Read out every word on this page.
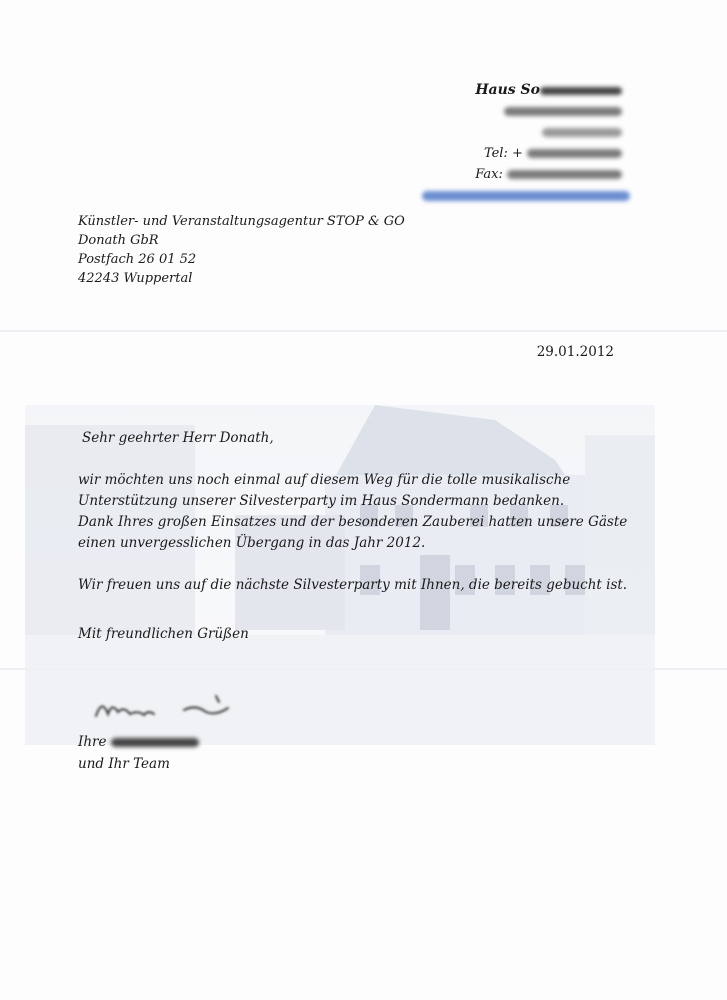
Haus So
Tel: +
Fax:
Künstler- und Veranstaltungsagentur STOP & GO
Donath GbR
Postfach 26 01 52
42243 Wuppertal
29.01.2012

Sehr geehrter Herr Donath,

wir möchten uns noch einmal auf diesem Weg für die tolle musikalische

Unterstützung unserer Silvesterparty im Haus Sondermann bedanken.

Dank Ihres großen Einsatzes und der besonderen Zauberei hatten unsere Gäste

einen unvergesslichen Übergang in das Jahr 2012.

Wir freuen uns auf die nächste Silvesterparty mit Ihnen, die bereits gebucht ist.

Mit freundlichen Grüßen

Ihre
und Ihr Team
